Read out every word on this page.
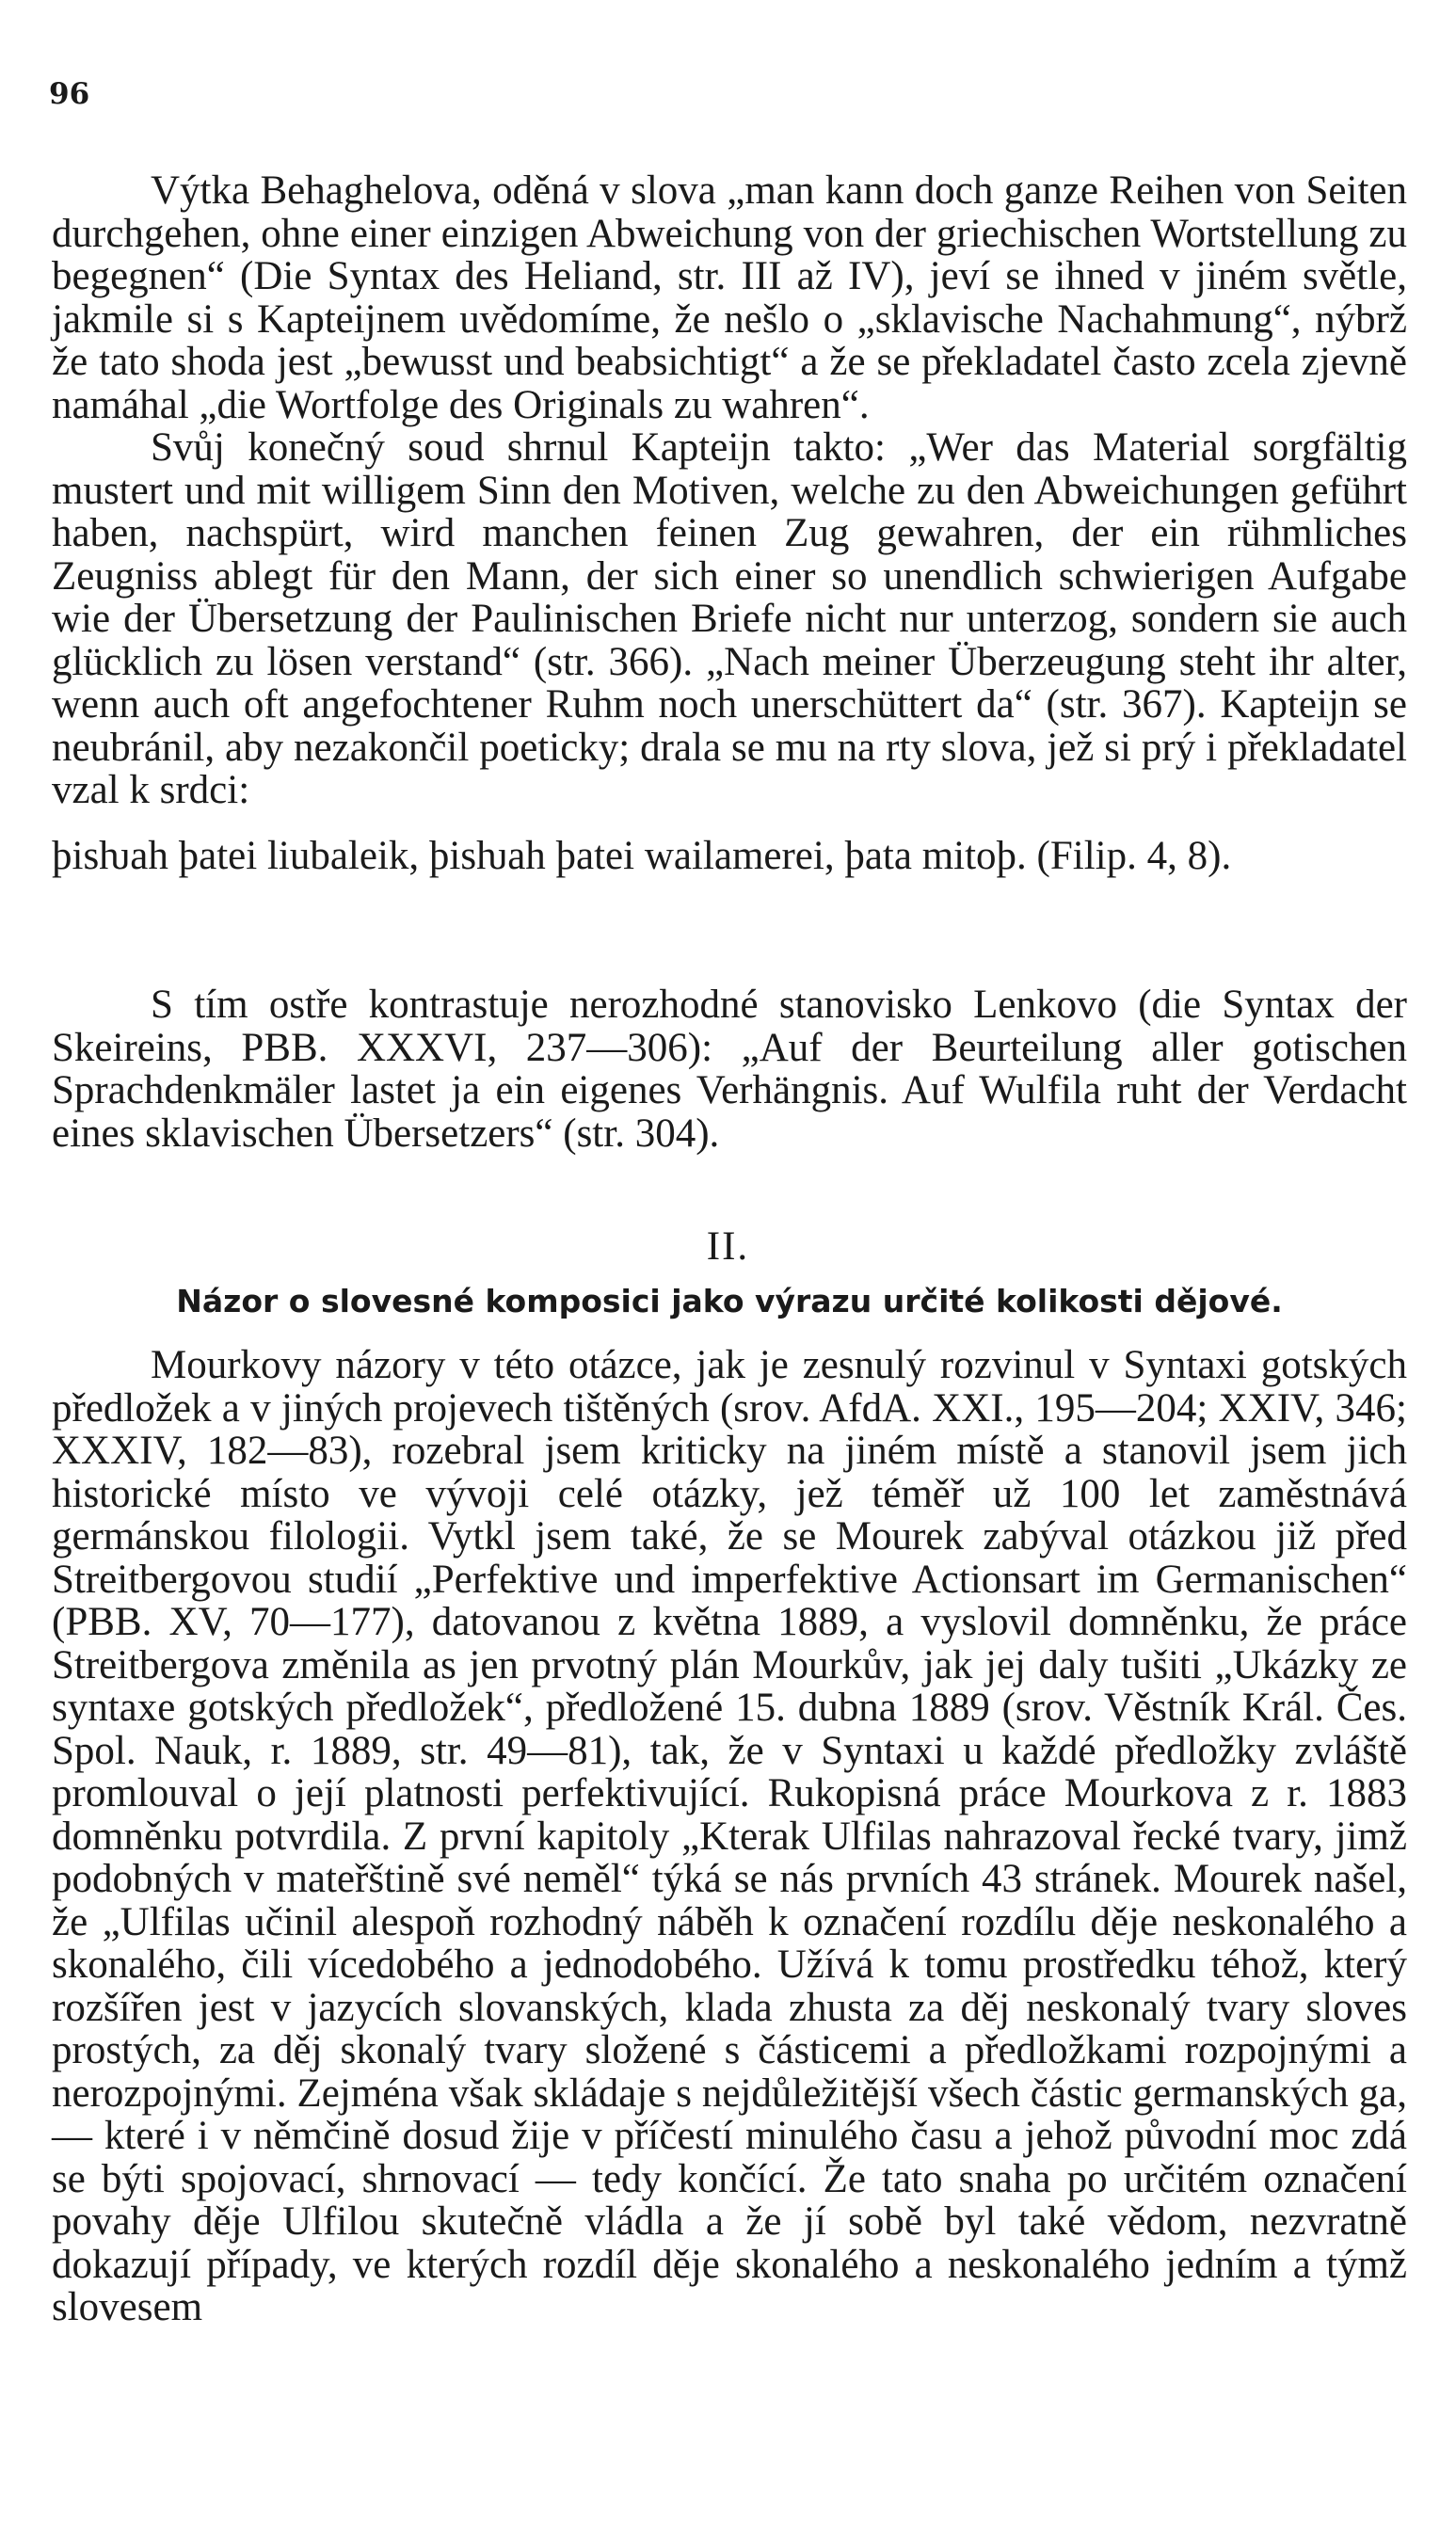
96

Výtka Behaghelova, oděná v slova „man kann doch ganze Reihen von Seiten durchgehen, ohne einer einzigen Abweichung von der griechischen Wortstellung zu begegnen“ (Die Syntax des Heliand, str. III až IV), jeví se ihned v jiném světle, jakmile si s Kapteijnem uvědomíme, že nešlo o „sklavische Nachahmung“, nýbrž že tato shoda jest „bewusst und beabsichtigt“ a že se překladatel často zcela zjevně namáhal „die Wortfolge des Originals zu wahren“.

Svůj konečný soud shrnul Kapteijn takto: „Wer das Material sorgfältig mustert und mit willigem Sinn den Motiven, welche zu den Abweichungen geführt haben, nachspürt, wird manchen feinen Zug gewahren, der ein rühmliches Zeugniss ablegt für den Mann, der sich einer so unendlich schwierigen Aufgabe wie der Übersetzung der Paulinischen Briefe nicht nur unterzog, sondern sie auch glücklich zu lösen verstand“ (str. 366). „Nach meiner Überzeugung steht ihr alter, wenn auch oft angefochtener Ruhm noch unerschüttert da“ (str. 367). Kapteijn se neubránil, aby nezakončil poeticky; drala se mu na rty slova, jež si prý i překladatel vzal k srdci:

þisƕah þatei liubaleik, þisƕah þatei wailamerei, þata mitoþ. (Filip. 4, 8).

S tím ostře kontrastuje nerozhodné stanovisko Lenkovo (die Syntax der Skeireins, PBB. XXXVI, 237—306): „Auf der Beurteilung aller gotischen Sprachdenkmäler lastet ja ein eigenes Verhängnis. Auf Wulfila ruht der Verdacht eines sklavischen Übersetzers“ (str. 304).

II.
Názor o slovesné komposici jako výrazu určité kolikosti dějové.

Mourkovy názory v této otázce, jak je zesnulý rozvinul v Syntaxi gotských předložek a v jiných projevech tištěných (srov. AfdA. XXI., 195—204; XXIV, 346; XXXIV, 182—83), rozebral jsem kriticky na jiném místě a stanovil jsem jich historické místo ve vývoji celé otázky, jež téměř už 100 let zaměstnává germánskou filologii. Vytkl jsem také, že se Mourek zabýval otázkou již před Streitbergovou studií „Perfektive und imperfektive Actionsart im Germanischen“ (PBB. XV, 70—177), datovanou z května 1889, a vyslovil domněnku, že práce Streitbergova změnila as jen prvotný plán Mourkův, jak jej daly tušiti „Ukázky ze syntaxe gotských předložek“, předložené 15. dubna 1889 (srov. Věstník Král. Čes. Spol. Nauk, r. 1889, str. 49—81), tak, že v Syntaxi u každé předložky zvláště promlouval o její platnosti perfektivující. Rukopisná práce Mourkova z r. 1883 domněnku potvrdila. Z první kapitoly „Kterak Ulfilas nahrazoval řecké tvary, jimž podobných v mateřštině své neměl“ týká se nás prvních 43 stránek. Mourek našel, že „Ulfilas učinil alespoň rozhodný náběh k označení rozdílu děje neskonalého a skonalého, čili vícedobého a jednodobého. Užívá k tomu prostředku téhož, který rozšířen jest v jazycích slovanských, klada zhusta za děj neskonalý tvary sloves prostých, za děj skonalý tvary složené s částicemi a předložkami rozpojnými a nerozpojnými. Zejména však skládaje s nejdůležitější všech částic germanských ga, — které i v němčině dosud žije v příčestí minulého času a jehož původní moc zdá se býti spojovací, shrnovací — tedy končící. Že tato snaha po určitém označení povahy děje Ulfilou skutečně vládla a že jí sobě byl také vědom, nezvratně dokazují případy, ve kterých rozdíl děje skonalého a neskonalého jedním a týmž slovesem
